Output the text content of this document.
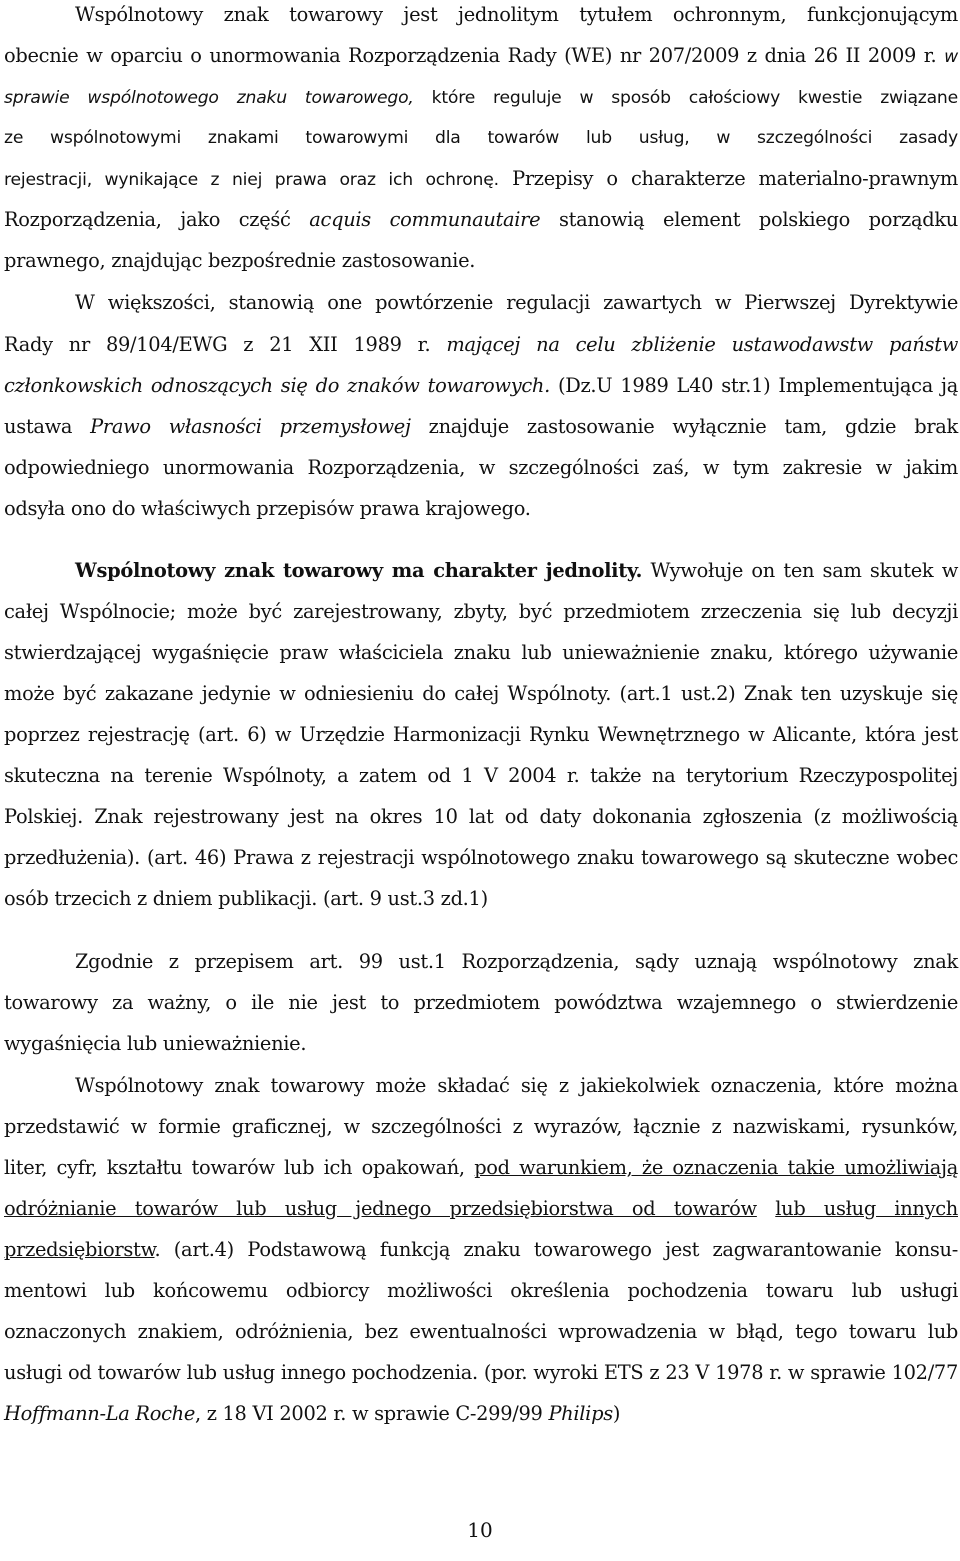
Wspólnotowy znak towarowy jest jednolitym tytułem ochronnym, funkcjonującym
obecnie w oparciu o unormowania Rozporządzenia Rady (WE) nr 207/2009 z dnia 26 II 2009 r. w
sprawie wspólnotowego znaku towarowego, które reguluje w sposób całościowy kwestie związane
ze wspólnotowymi znakami towarowymi dla towarów lub usług, w szczególności zasady
rejestracji, wynikające z niej prawa oraz ich ochronę. Przepisy o charakterze materialno-prawnym
Rozporządzenia, jako część acquis communautaire stanowią element polskiego porządku
prawnego, znajdując bezpośrednie zastosowanie.
W większości, stanowią one powtórzenie regulacji zawartych w Pierwszej Dyrektywie
Rady nr 89/104/EWG z 21 XII 1989 r. mającej na celu zbliżenie ustawodawstw państw
członkowskich odnoszących się do znaków towarowych. (Dz.U 1989 L40 str.1) Implementująca ją
ustawa Prawo własności przemysłowej znajduje zastosowanie wyłącznie tam, gdzie brak
odpowiedniego unormowania Rozporządzenia, w szczególności zaś, w tym zakresie w jakim
odsyła ono do właściwych przepisów prawa krajowego.
Wspólnotowy znak towarowy ma charakter jednolity. Wywołuje on ten sam skutek w
całej Wspólnocie; może być zarejestrowany, zbyty, być przedmiotem zrzeczenia się lub decyzji
stwierdzającej wygaśnięcie praw właściciela znaku lub unieważnienie znaku, którego używanie
może być zakazane jedynie w odniesieniu do całej Wspólnoty. (art.1 ust.2) Znak ten uzyskuje się
poprzez rejestrację (art. 6) w Urzędzie Harmonizacji Rynku Wewnętrznego w Alicante, która jest
skuteczna na terenie Wspólnoty, a zatem od 1 V 2004 r. także na terytorium Rzeczypospolitej
Polskiej. Znak rejestrowany jest na okres 10 lat od daty dokonania zgłoszenia (z możliwością
przedłużenia). (art. 46) Prawa z rejestracji wspólnotowego znaku towarowego są skuteczne wobec
osób trzecich z dniem publikacji. (art. 9 ust.3 zd.1)
Zgodnie z przepisem art. 99 ust.1 Rozporządzenia, sądy uznają wspólnotowy znak
towarowy za ważny, o ile nie jest to przedmiotem powództwa wzajemnego o stwierdzenie
wygaśnięcia lub unieważnienie.
Wspólnotowy znak towarowy może składać się z jakiekolwiek oznaczenia, które można
przedstawić w formie graficznej, w szczególności z wyrazów, łącznie z nazwiskami, rysunków,
liter, cyfr, kształtu towarów lub ich opakowań, pod warunkiem, że oznaczenia takie umożliwiają
odróżnianie towarów lub usług jednego przedsiębiorstwa od towarów lub usług innych
przedsiębiorstw. (art.4) Podstawową funkcją znaku towarowego jest zagwarantowanie konsu-
mentowi lub końcowemu odbiorcy możliwości określenia pochodzenia towaru lub usługi
oznaczonych znakiem, odróżnienia, bez ewentualności wprowadzenia w błąd, tego towaru lub
usługi od towarów lub usług innego pochodzenia. (por. wyroki ETS z 23 V 1978 r. w sprawie 102/77
Hoffmann-La Roche, z 18 VI 2002 r. w sprawie C-299/99 Philips)
10
